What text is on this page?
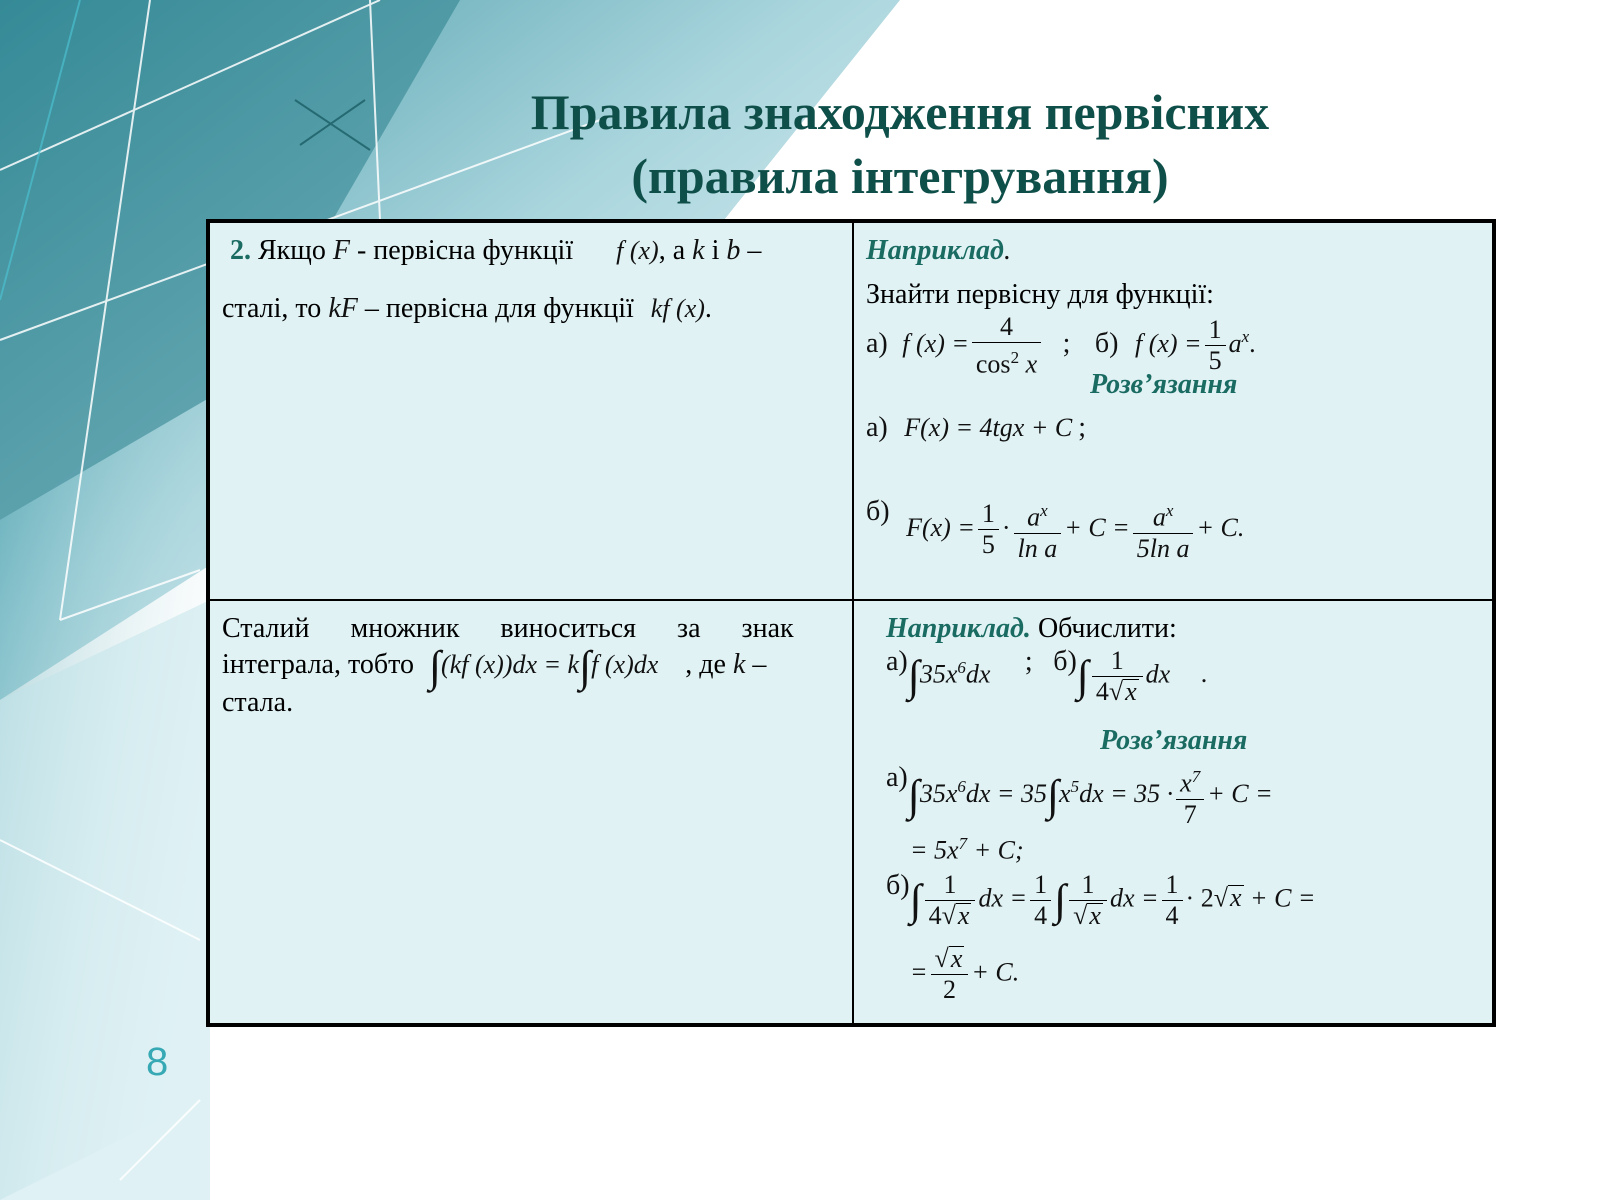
Правила знаходження первісних
(правила інтегрування)
2. Якщо F - первісна функції f (x), а k і b –
сталі, то kF – первісна для функції kf (x).
Наприклад.
Знайти первісну для функції:
а) f $(x) = \frac{4}{\cos^2 x}$ ; б) f $(x) = \frac{1}{5} a^x$.
Розв’язання
а) F(x) = 4tgx + C ;
б) $F(x) = \frac{1}{5} \cdot \frac{a^x}{\text{ln a}} + C = \frac{a^x}{\text{5ln a}} + C$.
Сталий множник виноситься за знак
інтеграла, тобто ∫(kf (x))dx = k∫f (x)dx , де k –
стала.
Наприклад. Обчислити:
$а)\int 35x^6dx$ ; $б)\int \frac{1}{4√x}$ dx .
Розв’язання
$а)\int 35x^6dx = 35\int x^5dx = 35 \cdot \frac{x^7}{7} + C$ =
= $5x^7 + C$;
$б)\int \frac{1}{4√x}$ dx = $\frac{1}{4}$ ∫ $\frac{1}{√x}$ dx = $\frac{1}{4} \cdot 2√x + C$ =
= $\frac{√x}{2} + C$.
8
